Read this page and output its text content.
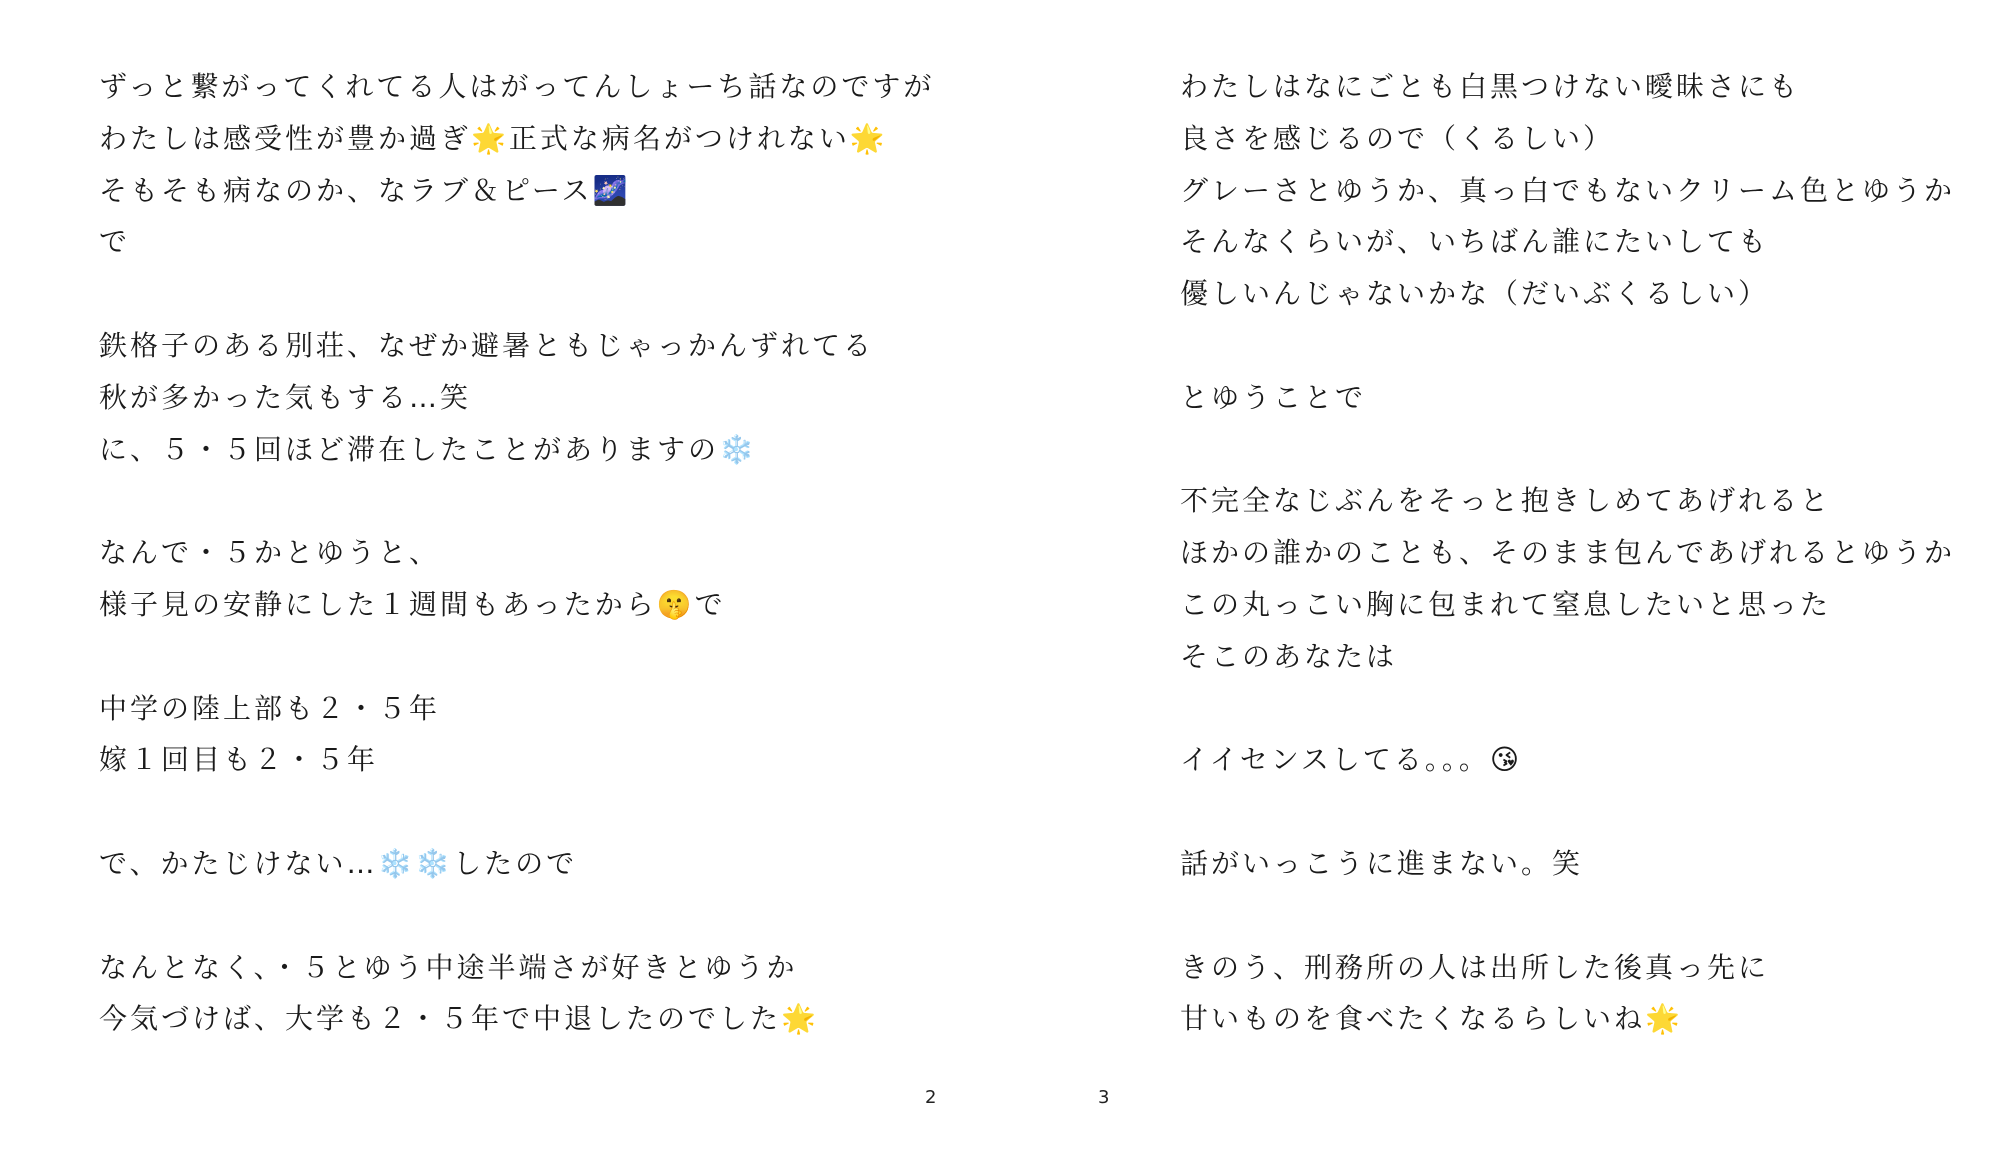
ずっと繋がってくれてる人はがってんしょーち話なのですが
わたしは感受性が豊か過ぎ🌟正式な病名がつけれない🌟
そもそも病なのか、なラブ＆ピース🌌
で
鉄格子のある別荘、なぜか避暑ともじゃっかんずれてる
秋が多かった気もする…笑
に、５・５回ほど滞在したことがありますの❄️
なんで・５かとゆうと、
様子見の安静にした１週間もあったから🤫で
中学の陸上部も２・５年
嫁１回目も２・５年
で、かたじけない…❄️❄️したので
なんとなく、・５とゆう中途半端さが好きとゆうか
今気づけば、大学も２・５年で中退したのでした🌟
わたしはなにごとも白黒つけない曖昧さにも
良さを感じるので（くるしい）
グレーさとゆうか、真っ白でもないクリーム色とゆうか
そんなくらいが、いちばん誰にたいしても
優しいんじゃないかな（だいぶくるしい）
とゆうことで
不完全なじぶんをそっと抱きしめてあげれると
ほかの誰かのことも、そのまま包んであげれるとゆうか
この丸っこい胸に包まれて窒息したいと思った
そこのあなたは
イイセンスしてる。。。😘
話がいっこうに進まない。笑
きのう、刑務所の人は出所した後真っ先に
甘いものを食べたくなるらしいね🌟
2	3
